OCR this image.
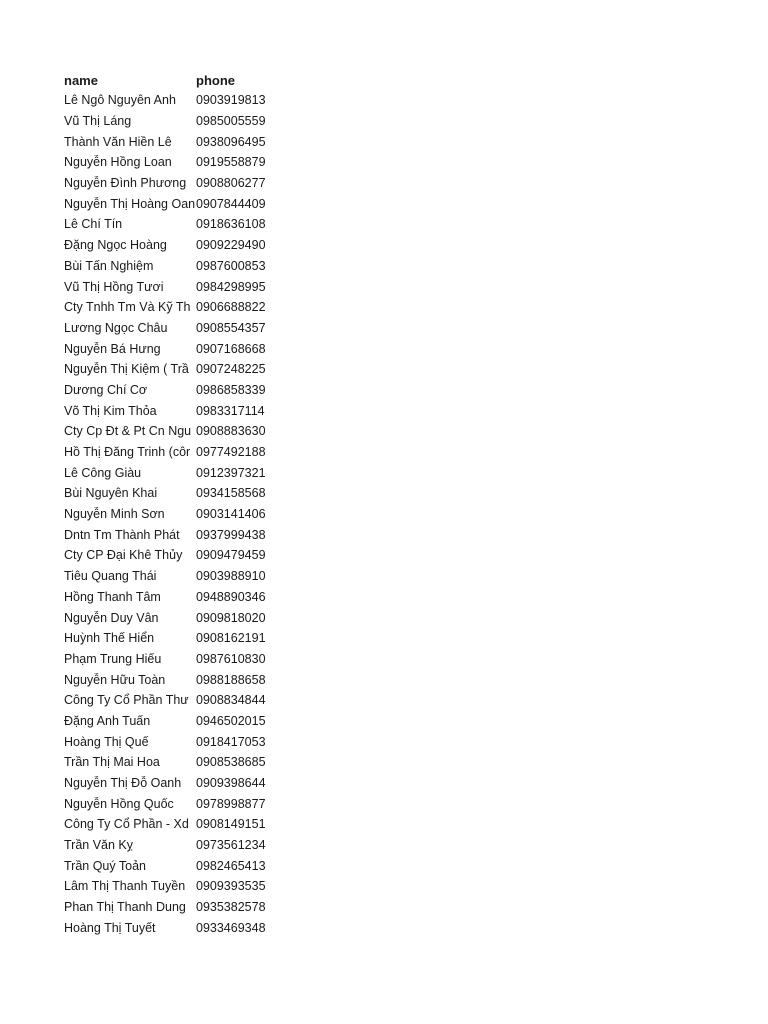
name	phone
Lê Ngô Nguyên Anh	0903919813
Vũ Thị Láng	0985005559
Thành Văn Hiền Lê	0938096495
Nguyễn Hồng Loan	0919558879
Nguyễn Đình Phương 0908806277
Nguyễn Thị Hoàng Oan 0907844409
Lê Chí Tín	0918636108
Đặng Ngọc Hoàng	0909229490
Bùi Tấn Nghiệm	0987600853
Vũ Thị Hồng Tươi	0984298995
Cty Tnhh Tm Và Kỹ Th 0906688822
Lương Ngọc Châu	0908554357
Nguyễn Bá Hưng	0907168668
Nguyễn Thị Kiệm ( Trầ 0907248225
Dương Chí Cơ	0986858339
Võ Thị Kim Thỏa	0983317114
Cty Cp Đt & Pt Cn Ngu 0908883630
Hồ Thị Đăng Trinh (côr 0977492188
Lê Công Giàu	0912397321
Bùi Nguyên Khai	0934158568
Nguyễn Minh Sơn	0903141406
Dntn Tm Thành Phát	0937999438
Cty CP Đại Khê Thủy	0909479459
Tiêu Quang Thái	0903988910
Hồng Thanh Tâm	0948890346
Nguyễn Duy Vân	0909818020
Huỳnh Thế Hiển	0908162191
Phạm Trung Hiếu	0987610830
Nguyễn Hữu Toàn	0988188658
Công Ty Cổ Phần Thư 0908834844
Đặng Anh Tuấn	0946502015
Hoàng Thị Quế	0918417053
Trần Thị Mai Hoa	0908538685
Nguyễn Thị Đỗ Oanh	0909398644
Nguyễn Hồng Quốc	0978998877
Công Ty Cổ Phần - Xd 0908149151
Trần Văn Kỵ	0973561234
Trần Quý Toản	0982465413
Lâm Thị Thanh Tuyền 0909393535
Phan Thị Thanh Dung 0935382578
Hoàng Thị Tuyết	0933469348
